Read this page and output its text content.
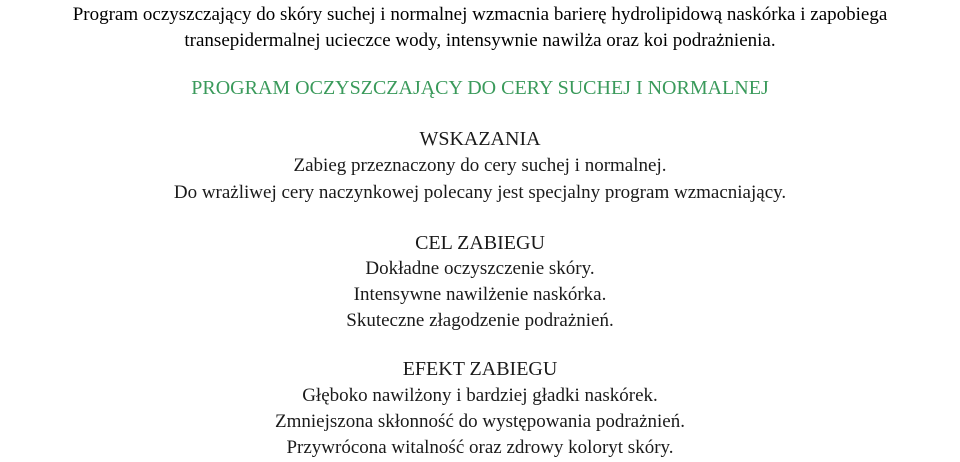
Program oczyszczający do skóry suchej i normalnej wzmacnia barierę hydrolipidową naskórka i zapobiega
transepidermalnej ucieczce wody, intensywnie nawilża oraz koi podrażnienia.
PROGRAM OCZYSZCZAJĄCY DO CERY SUCHEJ I NORMALNEJ
WSKAZANIA
Zabieg przeznaczony do cery suchej i normalnej.
Do wrażliwej cery naczynkowej polecany jest specjalny program wzmacniający.
CEL ZABIEGU
Dokładne oczyszczenie skóry.
Intensywne nawilżenie naskórka.
Skuteczne złagodzenie podrażnień.
EFEKT ZABIEGU
Głęboko nawilżony i bardziej gładki naskórek.
Zmniejszona skłonność do występowania podrażnień.
Przywrócona witalność oraz zdrowy koloryt skóry.
